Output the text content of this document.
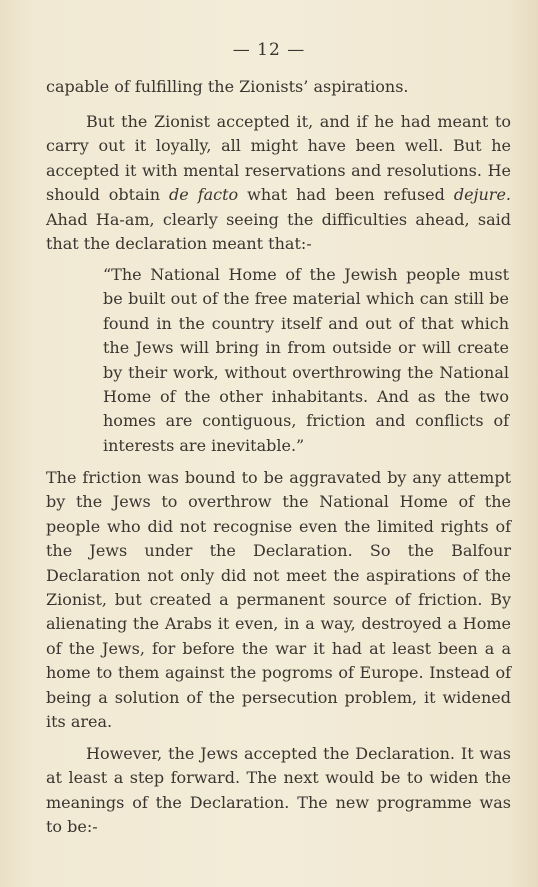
— 12 —

capable of fulfilling the Zionists’ aspirations.

But the Zionist accepted it, and if he had meant to carry out it loyally, all might have been well. But he accepted it with mental reservations and resolutions. He should obtain de facto what had been refused dejure. Ahad Ha-am, clearly seeing the difficulties ahead, said that the declaration meant that:-

“The National Home of the Jewish people must be built out of the free material which can still be found in the country itself and out of that which the Jews will bring in from outside or will create by their work, without overthrowing the National Home of the other inhabitants. And as the two homes are contiguous, friction and conflicts of interests are inevitable.”

The friction was bound to be aggravated by any attempt by the Jews to overthrow the National Home of the people who did not recognise even the limited rights of the Jews under the Declaration. So the Balfour Declaration not only did not meet the aspirations of the Zionist, but created a permanent source of friction. By alienating the Arabs it even, in a way, destroyed a Home of the Jews, for before the war it had at least been a a home to them against the pogroms of Europe. Instead of being a solution of the persecution problem, it widened its area.

However, the Jews accepted the Declaration. It was at least a step forward. The next would be to widen the meanings of the Declaration. The new programme was to be:-
